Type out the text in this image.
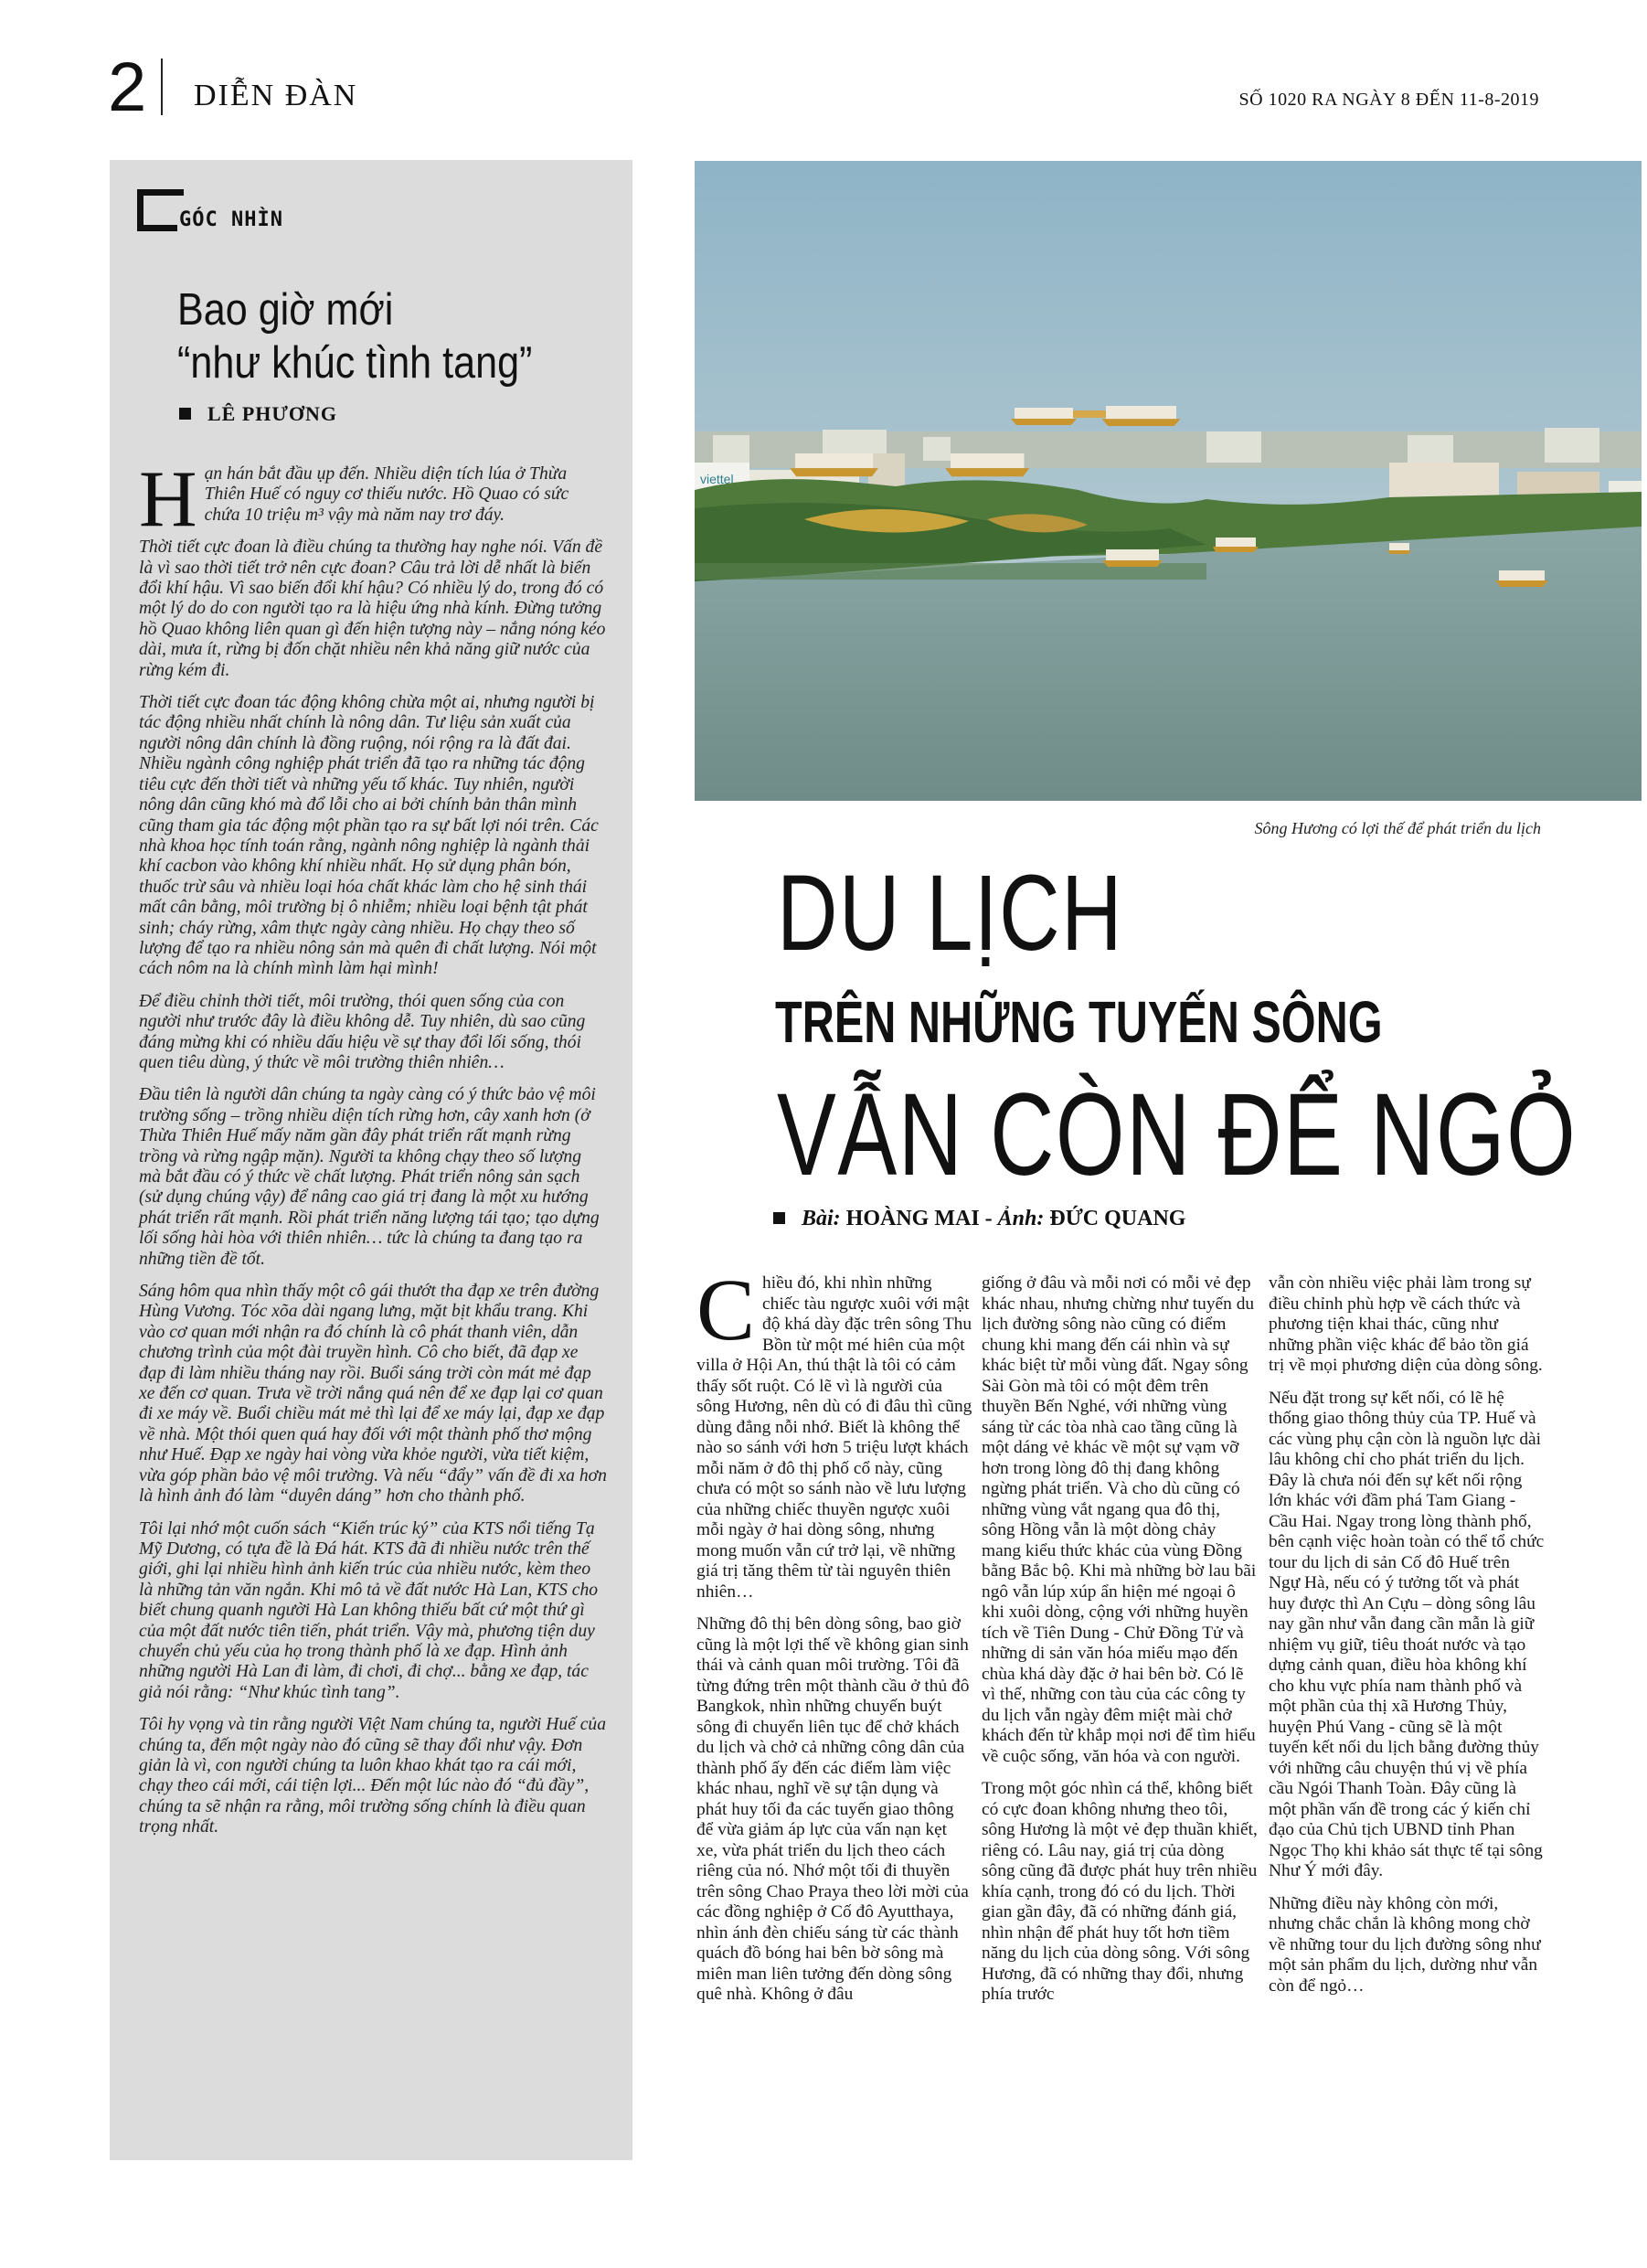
2 DIỄN ĐÀN	SỐ 1020 RA NGÀY 8 ĐẾN 11-8-2019
GÓC NHÌN
Bao giờ mới
“như khúc tình tang”
LÊ PHƯƠNG

Hạn hán bắt đầu ụp đến. Nhiều diện tích lúa ở Thừa Thiên Huế có nguy cơ thiếu nước. Hồ Quao có sức chứa 10 triệu m³ vậy mà năm nay trơ đáy.

Thời tiết cực đoan là điều chúng ta thường hay nghe nói. Vấn đề là vì sao thời tiết trở nên cực đoan? Câu trả lời dễ nhất là biến đổi khí hậu. Vì sao biến đổi khí hậu? Có nhiều lý do, trong đó có một lý do do con người tạo ra là hiệu ứng nhà kính. Đừng tưởng hồ Quao không liên quan gì đến hiện tượng này – nắng nóng kéo dài, mưa ít, rừng bị đốn chặt nhiều nên khả năng giữ nước của rừng kém đi.

Thời tiết cực đoan tác động không chừa một ai, nhưng người bị tác động nhiều nhất chính là nông dân. Tư liệu sản xuất của người nông dân chính là đồng ruộng, nói rộng ra là đất đai. Nhiều ngành công nghiệp phát triển đã tạo ra những tác động tiêu cực đến thời tiết và những yếu tố khác. Tuy nhiên, người nông dân cũng khó mà đổ lỗi cho ai bởi chính bản thân mình cũng tham gia tác động một phần tạo ra sự bất lợi nói trên. Các nhà khoa học tính toán rằng, ngành nông nghiệp là ngành thải khí cacbon vào không khí nhiều nhất. Họ sử dụng phân bón, thuốc trừ sâu và nhiều loại hóa chất khác làm cho hệ sinh thái mất cân bằng, môi trường bị ô nhiễm; nhiều loại bệnh tật phát sinh; cháy rừng, xâm thực ngày càng nhiều. Họ chạy theo số lượng để tạo ra nhiều nông sản mà quên đi chất lượng. Nói một cách nôm na là chính mình làm hại mình!

Để điều chỉnh thời tiết, môi trường, thói quen sống của con người như trước đây là điều không dễ. Tuy nhiên, dù sao cũng đáng mừng khi có nhiều dấu hiệu về sự thay đổi lối sống, thói quen tiêu dùng, ý thức về môi trường thiên nhiên…

Đầu tiên là người dân chúng ta ngày càng có ý thức bảo vệ môi trường sống – trồng nhiều diện tích rừng hơn, cây xanh hơn (ở Thừa Thiên Huế mấy năm gần đây phát triển rất mạnh rừng trồng và rừng ngập mặn). Người ta không chạy theo số lượng mà bắt đầu có ý thức về chất lượng. Phát triển nông sản sạch (sử dụng chúng vậy) để nâng cao giá trị đang là một xu hướng phát triển rất mạnh. Rồi phát triển năng lượng tái tạo; tạo dựng lối sống hài hòa với thiên nhiên… tức là chúng ta đang tạo ra những tiền đề tốt.

Sáng hôm qua nhìn thấy một cô gái thướt tha đạp xe trên đường Hùng Vương. Tóc xõa dài ngang lưng, mặt bịt khẩu trang. Khi vào cơ quan mới nhận ra đó chính là cô phát thanh viên, dẫn chương trình của một đài truyền hình. Cô cho biết, đã đạp xe đạp đi làm nhiều tháng nay rồi. Buổi sáng trời còn mát mẻ đạp xe đến cơ quan. Trưa về trời nắng quá nên để xe đạp lại cơ quan đi xe máy về. Buổi chiều mát mẻ thì lại để xe máy lại, đạp xe đạp về nhà. Một thói quen quá hay đối với một thành phố thơ mộng như Huế. Đạp xe ngày hai vòng vừa khỏe người, vừa tiết kiệm, vừa góp phần bảo vệ môi trường. Và nếu “đẩy” vấn đề đi xa hơn là hình ảnh đó làm “duyên dáng” hơn cho thành phố.

Tôi lại nhớ một cuốn sách “Kiến trúc ký” của KTS nổi tiếng Tạ Mỹ Dương, có tựa đề là Đá hát. KTS đã đi nhiều nước trên thế giới, ghi lại nhiều hình ảnh kiến trúc của nhiều nước, kèm theo là những tản văn ngắn. Khi mô tả về đất nước Hà Lan, KTS cho biết chung quanh người Hà Lan không thiếu bất cứ một thứ gì của một đất nước tiên tiến, phát triển. Vậy mà, phương tiện duy chuyển chủ yếu của họ trong thành phố là xe đạp. Hình ảnh những người Hà Lan đi làm, đi chơi, đi chợ... bằng xe đạp, tác giả nói rằng: “Như khúc tình tang”.

Tôi hy vọng và tin rằng người Việt Nam chúng ta, người Huế của chúng ta, đến một ngày nào đó cũng sẽ thay đổi như vậy. Đơn giản là vì, con người chúng ta luôn khao khát tạo ra cái mới, chạy theo cái mới, cái tiện lợi... Đến một lúc nào đó “đủ đầy”, chúng ta sẽ nhận ra rằng, môi trường sống chính là điều quan trọng nhất.

viettel
Sông Hương có lợi thế để phát triển du lịch
DU LỊCH
TRÊN NHỮNG TUYẾN SÔNG
VẪN CÒN ĐỂ NGỎ
Bài: HOÀNG MAI - Ảnh: ĐỨC QUANG

Chiều đó, khi nhìn những chiếc tàu ngược xuôi với mật độ khá dày đặc trên sông Thu Bồn từ một mé hiên của một villa ở Hội An, thú thật là tôi có cảm thấy sốt ruột. Có lẽ vì là người của sông Hương, nên dù có đi đâu thì cũng dùng đẳng nỗi nhớ. Biết là không thể nào so sánh với hơn 5 triệu lượt khách mỗi năm ở đô thị phố cổ này, cũng chưa có một so sánh nào về lưu lượng của những chiếc thuyền ngược xuôi mỗi ngày ở hai dòng sông, nhưng mong muốn vẫn cứ trở lại, về những giá trị tăng thêm từ tài nguyên thiên nhiên…

Những đô thị bên dòng sông, bao giờ cũng là một lợi thế về không gian sinh thái và cảnh quan môi trường. Tôi đã từng đứng trên một thành cầu ở thủ đô Bangkok, nhìn những chuyến buýt sông đi chuyển liên tục để chở khách du lịch và chở cả những công dân của thành phố ấy đến các điểm làm việc khác nhau, nghĩ về sự tận dụng và phát huy tối đa các tuyến giao thông để vừa giảm áp lực của vấn nạn kẹt xe, vừa phát triển du lịch theo cách riêng của nó. Nhớ một tối đi thuyền trên sông Chao Praya theo lời mời của các đồng nghiệp ở Cố đô Ayutthaya, nhìn ánh đèn chiếu sáng từ các thành quách đồ bóng hai bên bờ sông mà miên man liên tưởng đến dòng sông quê nhà. Không ở đâu

giống ở đâu và mỗi nơi có mỗi vẻ đẹp khác nhau, nhưng chừng như tuyến du lịch đường sông nào cũng có điểm chung khi mang đến cái nhìn và sự khác biệt từ mỗi vùng đất. Ngay sông Sài Gòn mà tôi có một đêm trên thuyền Bến Nghé, với những vùng sáng từ các tòa nhà cao tầng cũng là một dáng vẻ khác về một sự vạm vỡ hơn trong lòng đô thị đang không ngừng phát triển. Và cho dù cũng có những vùng vắt ngang qua đô thị, sông Hồng vẫn là một dòng chảy mang kiểu thức khác của vùng Đồng bằng Bắc bộ. Khi mà những bờ lau bãi ngô vẫn lúp xúp ẩn hiện mé ngoại ô khi xuôi dòng, cộng với những huyền tích về Tiên Dung - Chử Đồng Tử và những di sản văn hóa miếu mạo đến chùa khá dày đặc ở hai bên bờ. Có lẽ vì thế, những con tàu của các công ty du lịch vẫn ngày đêm miệt mài chở khách đến từ khắp mọi nơi để tìm hiểu về cuộc sống, văn hóa và con người.

Trong một góc nhìn cá thể, không biết có cực đoan không nhưng theo tôi, sông Hương là một vẻ đẹp thuần khiết, riêng có. Lâu nay, giá trị của dòng sông cũng đã được phát huy trên nhiều khía cạnh, trong đó có du lịch. Thời gian gần đây, đã có những đánh giá, nhìn nhận để phát huy tốt hơn tiềm năng du lịch của dòng sông. Với sông Hương, đã có những thay đổi, nhưng phía trước

vẫn còn nhiều việc phải làm trong sự điều chỉnh phù hợp về cách thức và phương tiện khai thác, cũng như những phần việc khác để bảo tồn giá trị về mọi phương diện của dòng sông.

Nếu đặt trong sự kết nối, có lẽ hệ thống giao thông thủy của TP. Huế và các vùng phụ cận còn là nguồn lực dài lâu không chỉ cho phát triển du lịch. Đây là chưa nói đến sự kết nối rộng lớn khác với đầm phá Tam Giang - Cầu Hai. Ngay trong lòng thành phố, bên cạnh việc hoàn toàn có thể tổ chức tour du lịch di sản Cố đô Huế trên Ngự Hà, nếu có ý tưởng tốt và phát huy được thì An Cựu – dòng sông lâu nay gần như vẫn đang cần mẫn là giữ nhiệm vụ giữ, tiêu thoát nước và tạo dựng cảnh quan, điều hòa không khí cho khu vực phía nam thành phố và một phần của thị xã Hương Thủy, huyện Phú Vang - cũng sẽ là một tuyến kết nối du lịch bằng đường thủy với những câu chuyện thú vị về phía cầu Ngói Thanh Toàn. Đây cũng là một phần vấn đề trong các ý kiến chỉ đạo của Chủ tịch UBND tỉnh Phan Ngọc Thọ khi khảo sát thực tế tại sông Như Ý mới đây.

Những điều này không còn mới, nhưng chắc chắn là không mong chờ về những tour du lịch đường sông như một sản phẩm du lịch, dường như vẫn còn để ngỏ…
